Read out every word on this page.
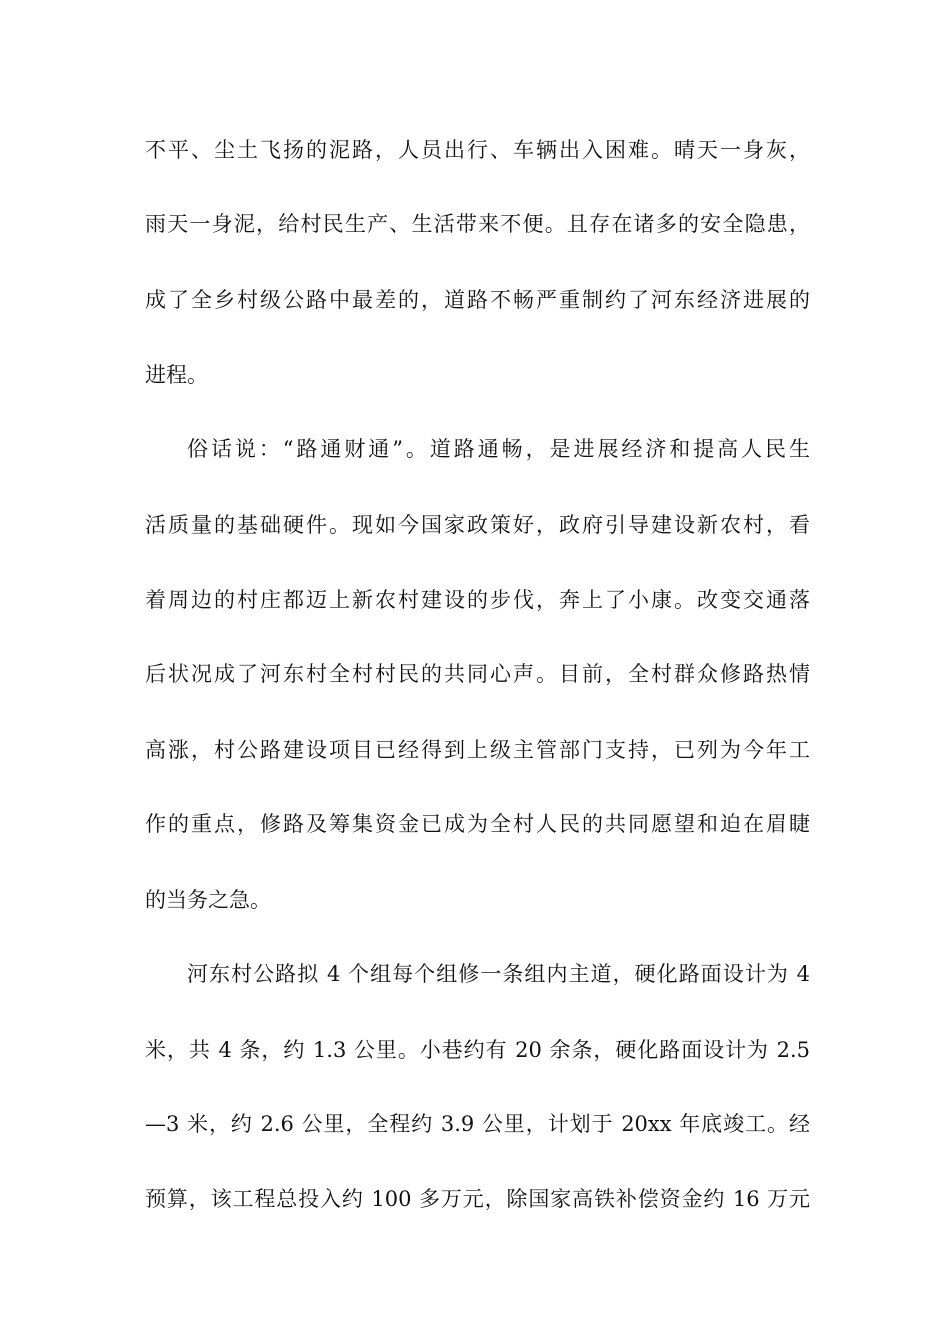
不平、尘土飞扬的泥路，人员出行、车辆出入困难。晴天一身灰，
雨天一身泥，给村民生产、生活带来不便。且存在诸多的安全隐患，
成了全乡村级公路中最差的，道路不畅严重制约了河东经济进展的
进程。
俗话说：“路通财通”。道路通畅，是进展经济和提高人民生
活质量的基础硬件。现如今国家政策好，政府引导建设新农村，看
着周边的村庄都迈上新农村建设的步伐，奔上了小康。改变交通落
后状况成了河东村全村村民的共同心声。目前，全村群众修路热情
高涨，村公路建设项目已经得到上级主管部门支持，已列为今年工
作的重点，修路及筹集资金已成为全村人民的共同愿望和迫在眉睫
的当务之急。
河东村公路拟 4 个组每个组修一条组内主道，硬化路面设计为 4
米，共 4 条，约 1.3 公里。小巷约有 20 余条，硬化路面设计为 2.5
—3 米，约 2.6 公里，全程约 3.9 公里，计划于 20xx 年底竣工。经
预算，该工程总投入约 100 多万元，除国家高铁补偿资金约 16 万元
